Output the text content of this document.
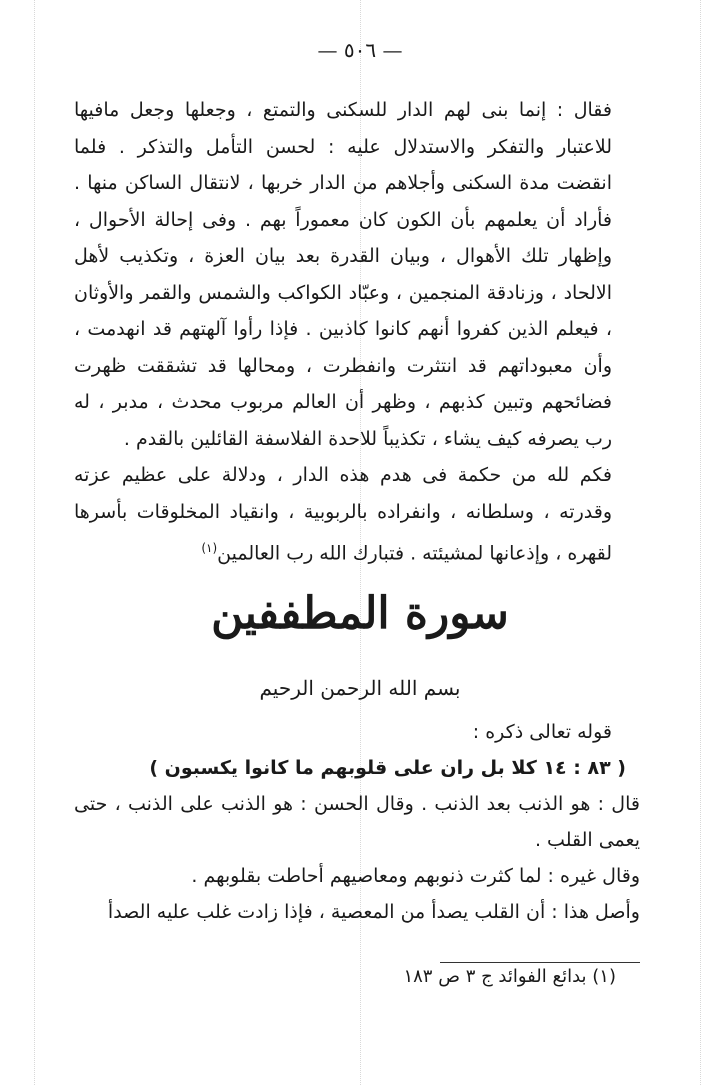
— ٥٠٦ —

فقال : إنما بنى لهم الدار للسكنى والتمتع ، وجعلها وجعل مافيها للاعتبار والتفكر والاستدلال عليه : لحسن التأمل والتذكر . فلما انقضت مدة السكنى وأجلاهم من الدار خربها ، لانتقال الساكن منها . فأراد أن يعلمهم بأن الكون كان معموراً بهم . وفى إحالة الأحوال ، وإظهار تلك الأهوال ، وبيان القدرة بعد بيان العزة ، وتكذيب لأهل الالحاد ، وزنادقة المنجمين ، وعبّاد الكواكب والشمس والقمر والأوثان ، فيعلم الذين كفروا أنهم كانوا كاذبين . فإذا رأوا آلهتهم قد انهدمت ، وأن معبوداتهم قد انتثرت وانفطرت ، ومحالها قد تشققت ظهرت فضائحهم وتبين كذبهم ، وظهر أن العالم مربوب محدث ، مدبر ، له رب يصرفه كيف يشاء ، تكذيباً للاحدة الفلاسفة القائلين بالقدم .

فكم لله من حكمة فى هدم هذه الدار ، ودلالة على عظيم عزته وقدرته ، وسلطانه ، وانفراده بالربوبية ، وانقياد المخلوقات بأسرها لقهره ، وإذعانها لمشيئته . فتبارك الله رب العالمين$^{(١)}$

سورة المطففين
بسم الله الرحمن الرحيم

قوله تعالى ذكره :

( ٨٣ : ١٤ كلا بل ران على قلوبهم ما كانوا يكسبون )

قال : هو الذنب بعد الذنب . وقال الحسن : هو الذنب على الذنب ، حتى يعمى القلب .

وقال غيره : لما كثرت ذنوبهم ومعاصيهم أحاطت بقلوبهم .

وأصل هذا : أن القلب يصدأ من المعصية ، فإذا زادت غلب عليه الصدأ

(١) بدائع الفوائد ج ٣ ص ١٨٣
